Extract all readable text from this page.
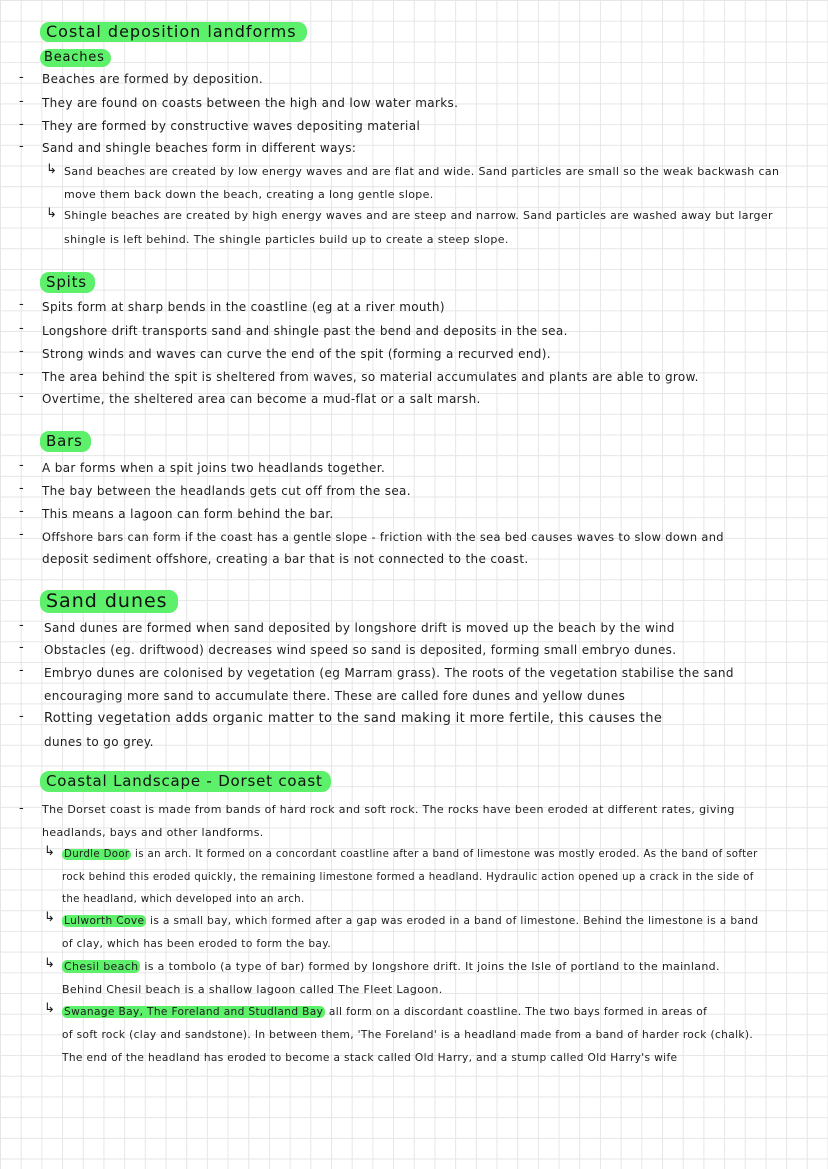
Costal deposition landforms
Beaches
- Beaches are formed by deposition.
- They are found on coasts between the high and low water marks.
- They are formed by constructive waves depositing material
- Sand and shingle beaches form in different ways:
↳ Sand beaches are created by low energy waves and are flat and wide. Sand particles are small so the weak backwash can
move them back down the beach, creating a long gentle slope.
↳ Shingle beaches are created by high energy waves and are steep and narrow. Sand particles are washed away but larger
shingle is left behind. The shingle particles build up to create a steep slope.
Spits
- Spits form at sharp bends in the coastline (eg at a river mouth)
- Longshore drift transports sand and shingle past the bend and deposits in the sea.
- Strong winds and waves can curve the end of the spit (forming a recurved end).
- The area behind the spit is sheltered from waves, so material accumulates and plants are able to grow.
- Overtime, the sheltered area can become a mud-flat or a salt marsh.
Bars
- A bar forms when a spit joins two headlands together.
- The bay between the headlands gets cut off from the sea.
- This means a lagoon can form behind the bar.
- Offshore bars can form if the coast has a gentle slope - friction with the sea bed causes waves to slow down and
deposit sediment offshore, creating a bar that is not connected to the coast.
Sand dunes
- Sand dunes are formed when sand deposited by longshore drift is moved up the beach by the wind
- Obstacles (eg. driftwood) decreases wind speed so sand is deposited, forming small embryo dunes.
- Embryo dunes are colonised by vegetation (eg Marram grass). The roots of the vegetation stabilise the sand
encouraging more sand to accumulate there. These are called fore dunes and yellow dunes
- Rotting vegetation adds organic matter to the sand making it more fertile, this causes the
dunes to go grey.
Coastal Landscape - Dorset coast
- The Dorset coast is made from bands of hard rock and soft rock. The rocks have been eroded at different rates, giving
headlands, bays and other landforms.
↳ Durdle Door is an arch. It formed on a concordant coastline after a band of limestone was mostly eroded. As the band of softer
rock behind this eroded quickly, the remaining limestone formed a headland. Hydraulic action opened up a crack in the side of
the headland, which developed into an arch.
↳ Lulworth Cove is a small bay, which formed after a gap was eroded in a band of limestone. Behind the limestone is a band
of clay, which has been eroded to form the bay.
↳ Chesil beach is a tombolo (a type of bar) formed by longshore drift. It joins the Isle of portland to the mainland.
Behind Chesil beach is a shallow lagoon called The Fleet Lagoon.
↳ Swanage Bay, The Foreland and Studland Bay all form on a discordant coastline. The two bays formed in areas of
of soft rock (clay and sandstone). In between them, 'The Foreland' is a headland made from a band of harder rock (chalk).
The end of the headland has eroded to become a stack called Old Harry, and a stump called Old Harry's wife
